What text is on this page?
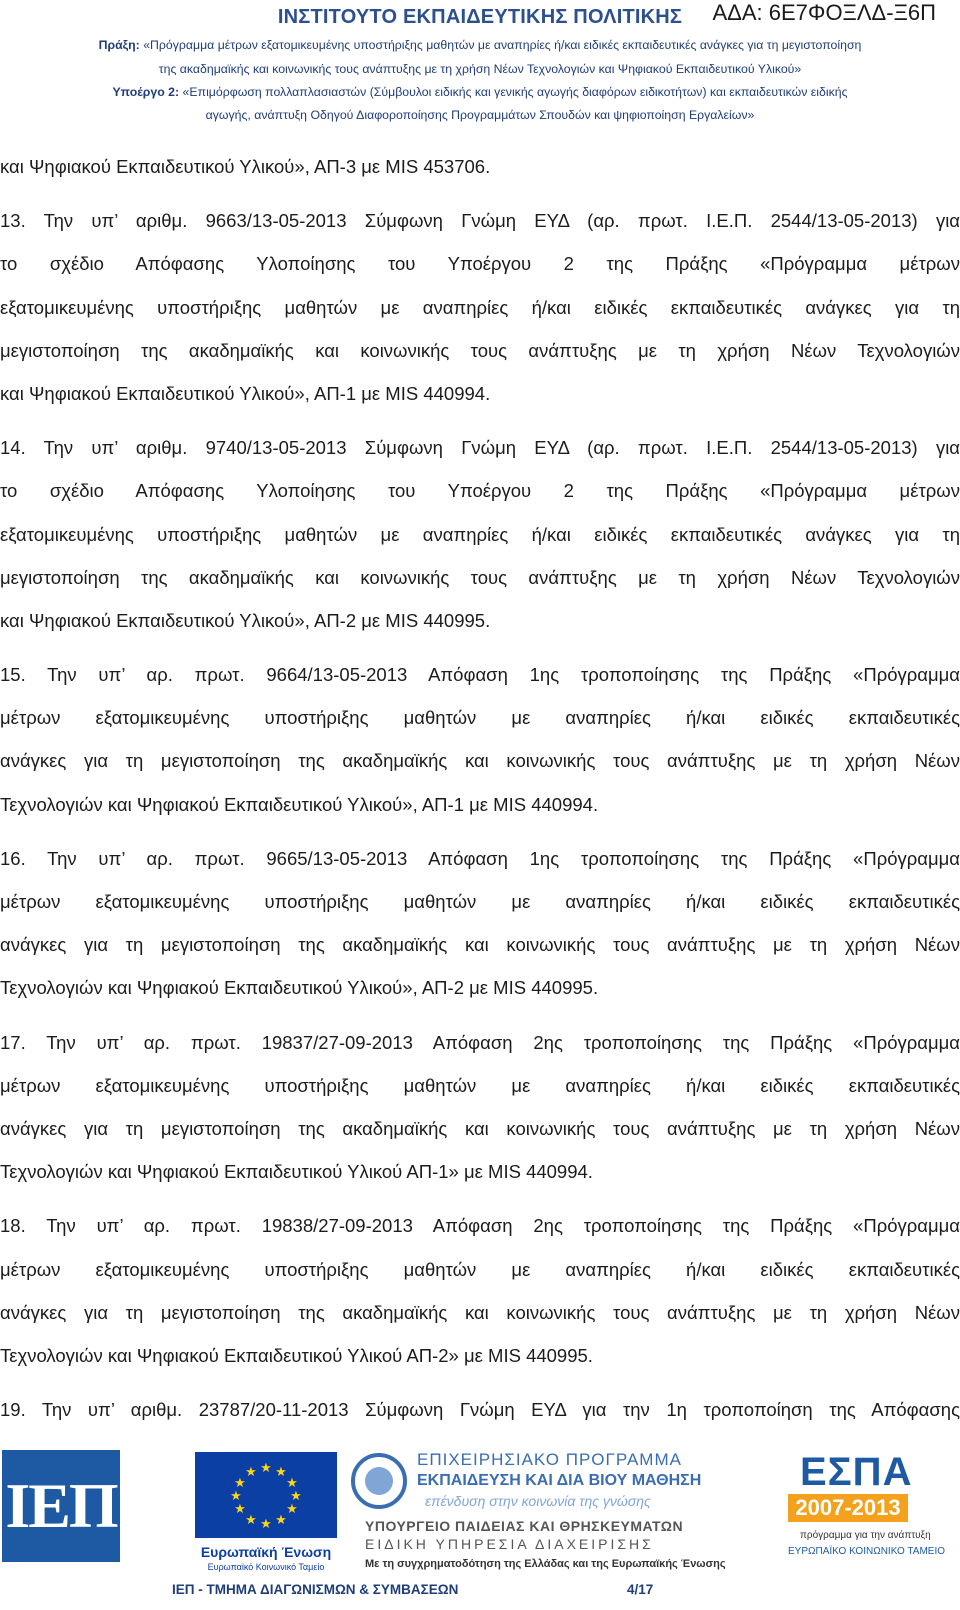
ΙΝΣΤΙΤΟΥΤΟ ΕΚΠΑΙΔΕΥΤΙΚΗΣ ΠΟΛΙΤΙΚΗΣ	ΑΔΑ: 6Ε7ΦΟΞΛΔ-Ξ6Π
Πράξη: «Πρόγραμμα μέτρων εξατομικευμένης υποστήριξης μαθητών με αναπηρίες ή/και ειδικές εκπαιδευτικές ανάγκες για τη μεγιστοποίηση
της ακαδημαϊκής και κοινωνικής τους ανάπτυξης με τη χρήση Νέων Τεχνολογιών και Ψηφιακού Εκπαιδευτικού Υλικού»
Υποέργο 2: «Επιμόρφωση πολλαπλασιαστών (Σύμβουλοι ειδικής και γενικής αγωγής διαφόρων ειδικοτήτων) και εκπαιδευτικών ειδικής
αγωγής, ανάπτυξη Οδηγού Διαφοροποίησης Προγραμμάτων Σπουδών και ψηφιοποίηση Εργαλείων»
και Ψηφιακού Εκπαιδευτικού Υλικού», ΑΠ-3 με MIS 453706.
13. Την υπ’ αριθμ. 9663/13-05-2013 Σύμφωνη Γνώμη ΕΥΔ (αρ. πρωτ. Ι.Ε.Π. 2544/13-05-2013) για
το σχέδιο Απόφασης Υλοποίησης του Υποέργου 2 της Πράξης «Πρόγραμμα μέτρων
εξατομικευμένης υποστήριξης μαθητών με αναπηρίες ή/και ειδικές εκπαιδευτικές ανάγκες για τη
μεγιστοποίηση της ακαδημαϊκής και κοινωνικής τους ανάπτυξης με τη χρήση Νέων Τεχνολογιών
και Ψηφιακού Εκπαιδευτικού Υλικού», ΑΠ-1 με MIS 440994.
14. Την υπ’ αριθμ. 9740/13-05-2013 Σύμφωνη Γνώμη ΕΥΔ (αρ. πρωτ. Ι.Ε.Π. 2544/13-05-2013) για
το σχέδιο Απόφασης Υλοποίησης του Υποέργου 2 της Πράξης «Πρόγραμμα μέτρων
εξατομικευμένης υποστήριξης μαθητών με αναπηρίες ή/και ειδικές εκπαιδευτικές ανάγκες για τη
μεγιστοποίηση της ακαδημαϊκής και κοινωνικής τους ανάπτυξης με τη χρήση Νέων Τεχνολογιών
και Ψηφιακού Εκπαιδευτικού Υλικού», ΑΠ-2 με MIS 440995.
15. Την υπ’ αρ. πρωτ. 9664/13-05-2013 Απόφαση 1ης τροποποίησης της Πράξης «Πρόγραμμα
μέτρων εξατομικευμένης υποστήριξης μαθητών με αναπηρίες ή/και ειδικές εκπαιδευτικές
ανάγκες για τη μεγιστοποίηση της ακαδημαϊκής και κοινωνικής τους ανάπτυξης με τη χρήση Νέων
Τεχνολογιών και Ψηφιακού Εκπαιδευτικού Υλικού», ΑΠ-1 με MIS 440994.
16. Την υπ’ αρ. πρωτ. 9665/13-05-2013 Απόφαση 1ης τροποποίησης της Πράξης «Πρόγραμμα
μέτρων εξατομικευμένης υποστήριξης μαθητών με αναπηρίες ή/και ειδικές εκπαιδευτικές
ανάγκες για τη μεγιστοποίηση της ακαδημαϊκής και κοινωνικής τους ανάπτυξης με τη χρήση Νέων
Τεχνολογιών και Ψηφιακού Εκπαιδευτικού Υλικού», ΑΠ-2 με MIS 440995.
17. Την υπ’ αρ. πρωτ. 19837/27-09-2013 Απόφαση 2ης τροποποίησης της Πράξης «Πρόγραμμα
μέτρων εξατομικευμένης υποστήριξης μαθητών με αναπηρίες ή/και ειδικές εκπαιδευτικές
ανάγκες για τη μεγιστοποίηση της ακαδημαϊκής και κοινωνικής τους ανάπτυξης με τη χρήση Νέων
Τεχνολογιών και Ψηφιακού Εκπαιδευτικού Υλικού ΑΠ-1» με MIS 440994.
18. Την υπ’ αρ. πρωτ. 19838/27-09-2013 Απόφαση 2ης τροποποίησης της Πράξης «Πρόγραμμα
μέτρων εξατομικευμένης υποστήριξης μαθητών με αναπηρίες ή/και ειδικές εκπαιδευτικές
ανάγκες για τη μεγιστοποίηση της ακαδημαϊκής και κοινωνικής τους ανάπτυξης με τη χρήση Νέων
Τεχνολογιών και Ψηφιακού Εκπαιδευτικού Υλικού ΑΠ-2» με MIS 440995.
19. Την υπ’ αριθμ. 23787/20-11-2013 Σύμφωνη Γνώμη ΕΥΔ για την 1η τροποποίηση της Απόφασης
ΙΕΠ
★ ★
★
★
★
★
★
★
★
★
★
★
Ευρωπαϊκή Ένωση
Ευρωπαϊκό Κοινωνικό Ταμείο
ΕΠΙΧΕΙΡΗΣΙΑΚΟ ΠΡΟΓΡΑΜΜΑ
ΕΚΠΑΙΔΕΥΣΗ ΚΑΙ ΔΙΑ ΒΙΟΥ ΜΑΘΗΣΗ
επένδυση στην κοινωνία της γνώσης
ΥΠΟΥΡΓΕΙΟ ΠΑΙΔΕΙΑΣ ΚΑΙ ΘΡΗΣΚΕΥΜΑΤΩΝ
ΕΙΔΙΚΗ ΥΠΗΡΕΣΙΑ ΔΙΑΧΕΙΡΙΣΗΣ
Με τη συγχρηματοδότηση της Ελλάδας και της Ευρωπαϊκής Ένωσης
ΕΣΠΑ
2007-2013
πρόγραμμα για την ανάπτυξη
ΕΥΡΩΠΑΪΚΟ ΚΟΙΝΩΝΙΚΟ ΤΑΜΕΙΟ
ΙΕΠ - ΤΜΗΜΑ ΔΙΑΓΩΝΙΣΜΩΝ & ΣΥΜΒΑΣΕΩΝ	4/17
